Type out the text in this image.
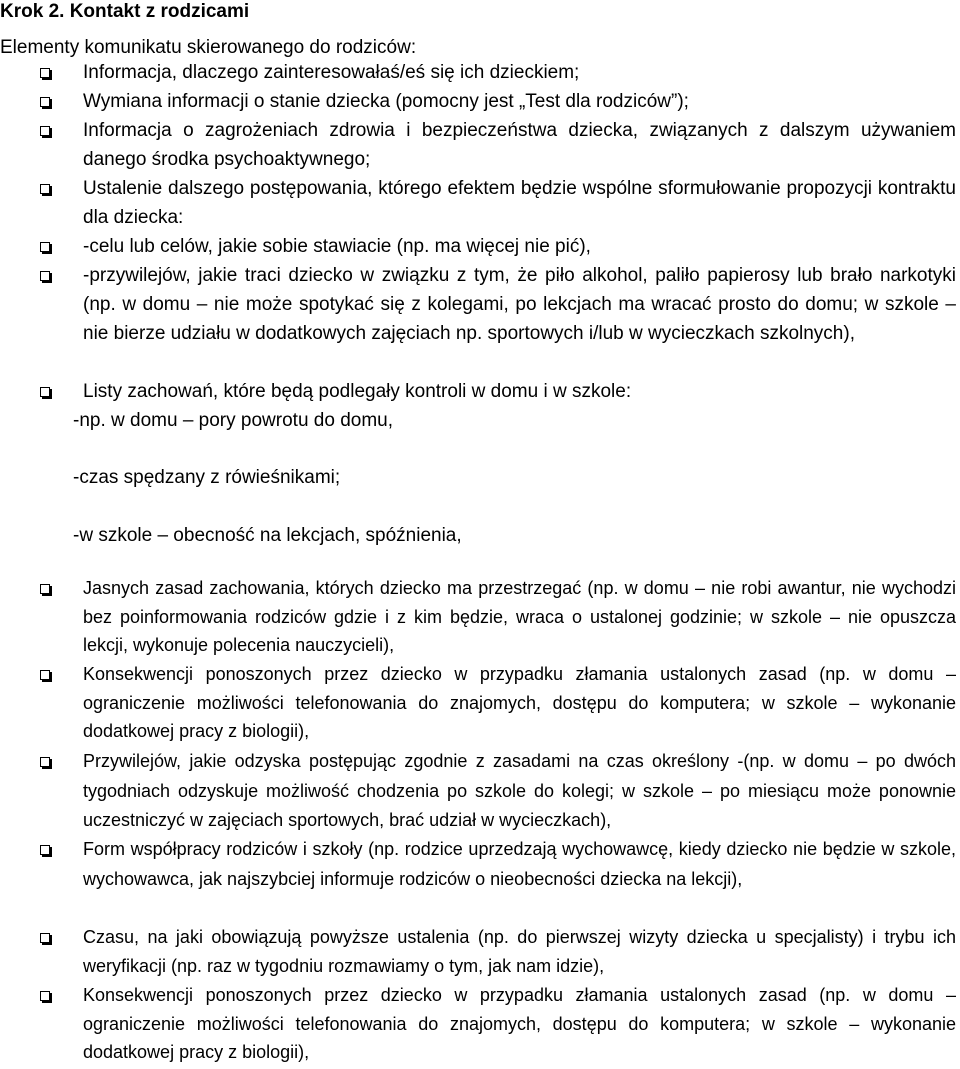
Krok 2. Kontakt z rodzicami
Elementy komunikatu skierowanego do rodziców:
Informacja, dlaczego zainteresowałaś/eś się ich dzieckiem;
Wymiana informacji o stanie dziecka (pomocny jest „Test dla rodziców”);
Informacja o zagrożeniach zdrowia i bezpieczeństwa dziecka, związanych z dalszym używaniem danego środka psychoaktywnego;
Ustalenie dalszego postępowania, którego efektem będzie wspólne sformułowanie propozycji kontraktu dla dziecka:
-celu lub celów, jakie sobie stawiacie (np. ma więcej nie pić),
-przywilejów, jakie traci dziecko w związku z tym, że piło alkohol, paliło papierosy lub brało narkotyki (np. w domu – nie może spotykać się z kolegami, po lekcjach ma wracać prosto do domu; w szkole – nie bierze udziału w dodatkowych zajęciach np. sportowych i/lub w wycieczkach szkolnych),
Listy zachowań, które będą podlegały kontroli w domu i w szkole:
-np. w domu – pory powrotu do domu,
-czas spędzany z rówieśnikami;
-w szkole – obecność na lekcjach, spóźnienia,
Jasnych zasad zachowania, których dziecko ma przestrzegać (np. w domu – nie robi awantur, nie wychodzi bez poinformowania rodziców gdzie i z kim będzie, wraca o ustalonej godzinie; w szkole – nie opuszcza lekcji, wykonuje polecenia nauczycieli),
Konsekwencji ponoszonych przez dziecko w przypadku złamania ustalonych zasad (np. w domu – ograniczenie możliwości telefonowania do znajomych, dostępu do komputera; w szkole – wykonanie dodatkowej pracy z biologii),
Przywilejów, jakie odzyska postępując zgodnie z zasadami na czas określony -(np. w domu – po dwóch tygodniach odzyskuje możliwość chodzenia po szkole do kolegi; w szkole – po miesiącu może ponownie uczestniczyć w zajęciach sportowych, brać udział w wycieczkach),
Form współpracy rodziców i szkoły (np. rodzice uprzedzają wychowawcę, kiedy dziecko nie będzie w szkole, wychowawca, jak najszybciej informuje rodziców o nieobecności dziecka na lekcji),
Czasu, na jaki obowiązują powyższe ustalenia (np. do pierwszej wizyty dziecka u specjalisty) i trybu ich weryfikacji (np. raz w tygodniu rozmawiamy o tym, jak nam idzie),
Konsekwencji ponoszonych przez dziecko w przypadku złamania ustalonych zasad (np. w domu – ograniczenie możliwości telefonowania do znajomych, dostępu do komputera; w szkole – wykonanie dodatkowej pracy z biologii),
